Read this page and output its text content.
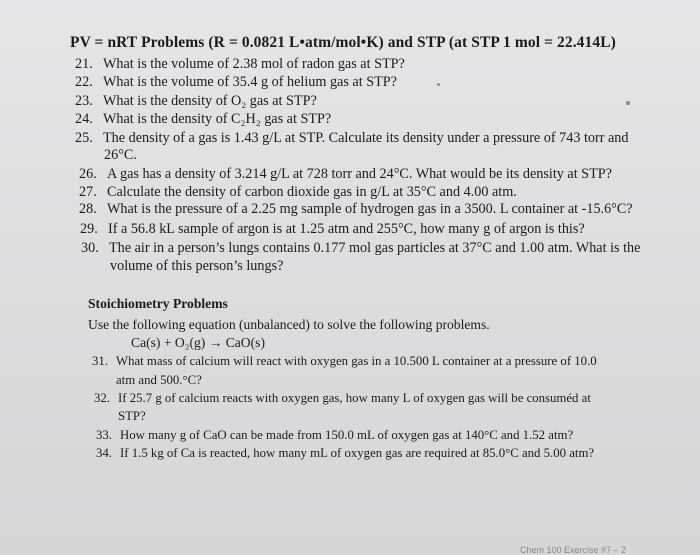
PV = nRT Problems (R = 0.0821 L•atm/mol•K) and STP (at STP 1 mol = 22.414L)
21. What is the volume of 2.38 mol of radon gas at STP?
22. What is the volume of 35.4 g of helium gas at STP?
23. What is the density of O₂ gas at STP?
24. What is the density of C₂H₂ gas at STP?
25. The density of a gas is 1.43 g/L at STP. Calculate its density under a pressure of 743 torr and
26°C.
26. A gas has a density of 3.214 g/L at 728 torr and 24°C. What would be its density at STP?
27. Calculate the density of carbon dioxide gas in g/L at 35°C and 4.00 atm.
28. What is the pressure of a 2.25 mg sample of hydrogen gas in a 3500. L container at -15.6°C?
29. If a 56.8 kL sample of argon is at 1.25 atm and 255°C, how many g of argon is this?
30. The air in a person’s lungs contains 0.177 mol gas particles at 37°C and 1.00 atm. What is the
volume of this person’s lungs?
Stoichiometry Problems
Use the following equation (unbalanced) to solve the following problems.
Ca(s) + O₂(g) → CaO(s)
31. What mass of calcium will react with oxygen gas in a 10.500 L container at a pressure of 10.0
atm and 500.°C?
32. If 25.7 g of calcium reacts with oxygen gas, how many L of oxygen gas will be consuméd at
STP?
33. How many g of CaO can be made from 150.0 mL of oxygen gas at 140°C and 1.52 atm?
34. If 1.5 kg of Ca is reacted, how many mL of oxygen gas are required at 85.0°C and 5.00 atm?
Chem 100 Exercise #7 – 2
